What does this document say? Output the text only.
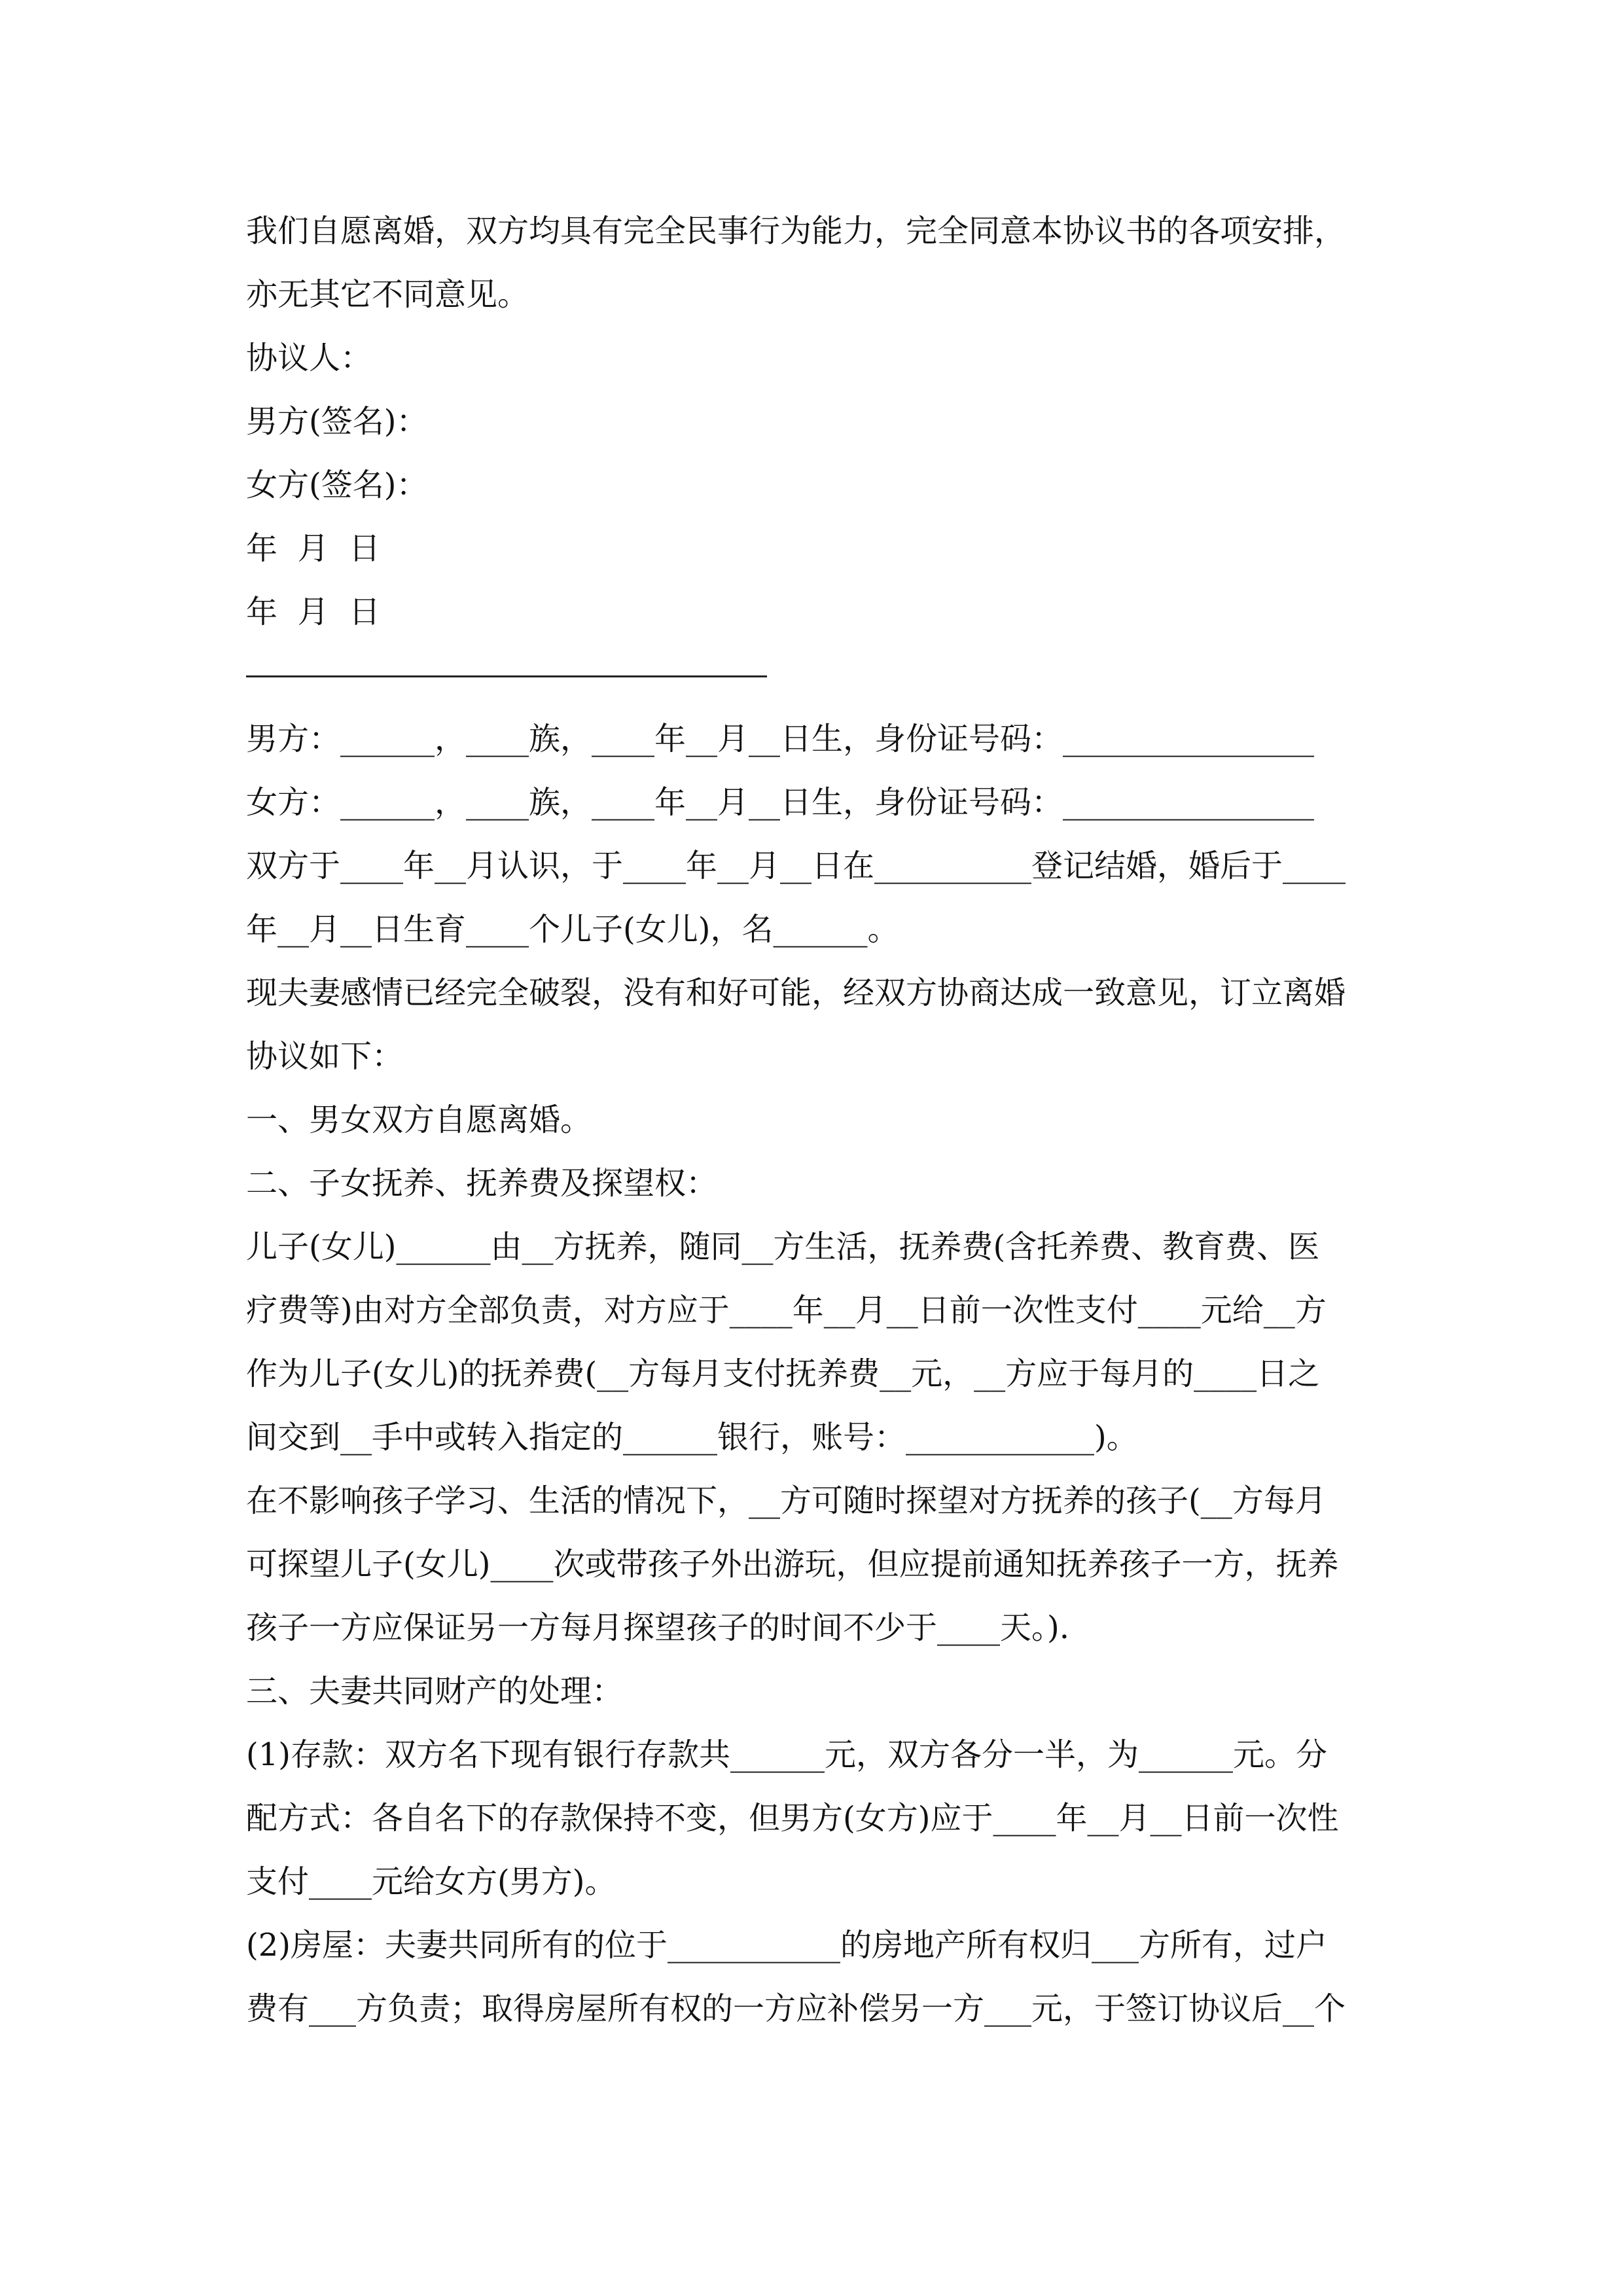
我们自愿离婚，双方均具有完全民事行为能力，完全同意本协议书的各项安排，
亦无其它不同意见。
协议人：
男方(签名)：
女方(签名)：
年  月  日
年  月  日
男方：______，____族，____年__月__日生，身份证号码：________________
女方：______，____族，____年__月__日生，身份证号码：________________
双方于____年__月认识，于____年__月__日在__________登记结婚，婚后于____
年__月__日生育____个儿子(女儿)，名______。
现夫妻感情已经完全破裂，没有和好可能，经双方协商达成一致意见，订立离婚
协议如下：
一、男女双方自愿离婚。
二、子女抚养、抚养费及探望权：
儿子(女儿)______由__方抚养，随同__方生活，抚养费(含托养费、教育费、医
疗费等)由对方全部负责，对方应于____年__月__日前一次性支付____元给__方
作为儿子(女儿)的抚养费(__方每月支付抚养费__元，__方应于每月的____日之
间交到__手中或转入指定的______银行，账号：____________)。
在不影响孩子学习、生活的情况下，__方可随时探望对方抚养的孩子(__方每月
可探望儿子(女儿)____次或带孩子外出游玩，但应提前通知抚养孩子一方，抚养
孩子一方应保证另一方每月探望孩子的时间不少于____天。).
三、夫妻共同财产的处理：
(1)存款：双方名下现有银行存款共______元，双方各分一半，为______元。分
配方式：各自名下的存款保持不变，但男方(女方)应于____年__月__日前一次性
支付____元给女方(男方)。
(2)房屋：夫妻共同所有的位于___________的房地产所有权归___方所有，过户
费有___方负责；取得房屋所有权的一方应补偿另一方___元，于签订协议后__个
